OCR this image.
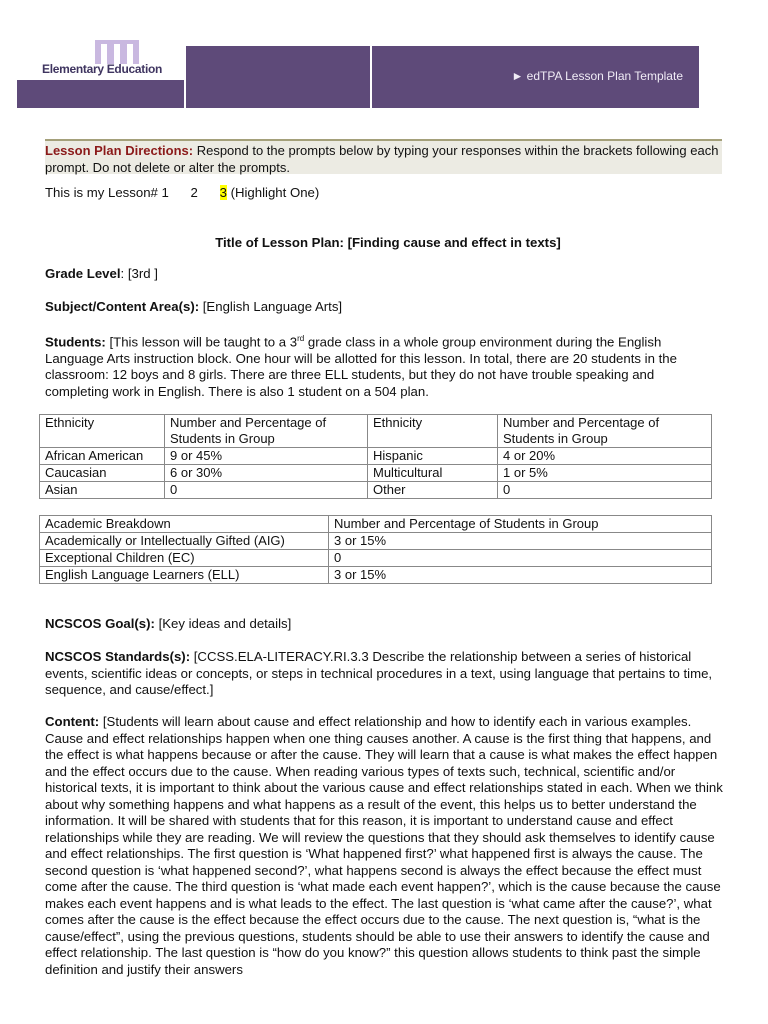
Elementary Education	► edTPA Lesson Plan Template
Lesson Plan Directions: Respond to the prompts below by typing your responses within the brackets following each prompt. Do not delete or alter the prompts.
This is my Lesson# 1 2 3 (Highlight One)
Title of Lesson Plan: [Finding cause and effect in texts]
Grade Level: [3rd ]
Subject/Content Area(s): [English Language Arts]
Students: [This lesson will be taught to a 3rd grade class in a whole group environment during the English Language Arts instruction block. One hour will be allotted for this lesson. In total, there are 20 students in the classroom: 12 boys and 8 girls. There are three ELL students, but they do not have trouble speaking and completing work in English. There is also 1 student on a 504 plan.
Ethnicity	Number and Percentage of Students in Group	Ethnicity	Number and Percentage of Students in Group
African American	9 or 45%	Hispanic	4 or 20%
Caucasian	6 or 30%	Multicultural	1 or 5%
Asian	0	Other	0
Academic Breakdown	Number and Percentage of Students in Group
Academically or Intellectually Gifted (AIG)	3 or 15%
Exceptional Children (EC)	0
English Language Learners (ELL)	3 or 15%
NCSCOS Goal(s): [Key ideas and details]
NCSCOS Standards(s): [CCSS.ELA-LITERACY.RI.3.3 Describe the relationship between a series of historical events, scientific ideas or concepts, or steps in technical procedures in a text, using language that pertains to time, sequence, and cause/effect.]
Content: [Students will learn about cause and effect relationship and how to identify each in various examples. Cause and effect relationships happen when one thing causes another. A cause is the first thing that happens, and the effect is what happens because or after the cause. They will learn that a cause is what makes the effect happen and the effect occurs due to the cause. When reading various types of texts such, technical, scientific and/or historical texts, it is important to think about the various cause and effect relationships stated in each. When we think about why something happens and what happens as a result of the event, this helps us to better understand the information. It will be shared with students that for this reason, it is important to understand cause and effect relationships while they are reading. We will review the questions that they should ask themselves to identify cause and effect relationships. The first question is ‘What happened first?’ what happened first is always the cause. The second question is ‘what happened second?’, what happens second is always the effect because the effect must come after the cause. The third question is ‘what made each event happen?’, which is the cause because the cause makes each event happens and is what leads to the effect. The last question is ‘what came after the cause?’, what comes after the cause is the effect because the effect occurs due to the cause. The next question is, “what is the cause/effect”, using the previous questions, students should be able to use their answers to identify the cause and effect relationship. The last question is “how do you know?” this question allows students to think past the simple definition and justify their answers
